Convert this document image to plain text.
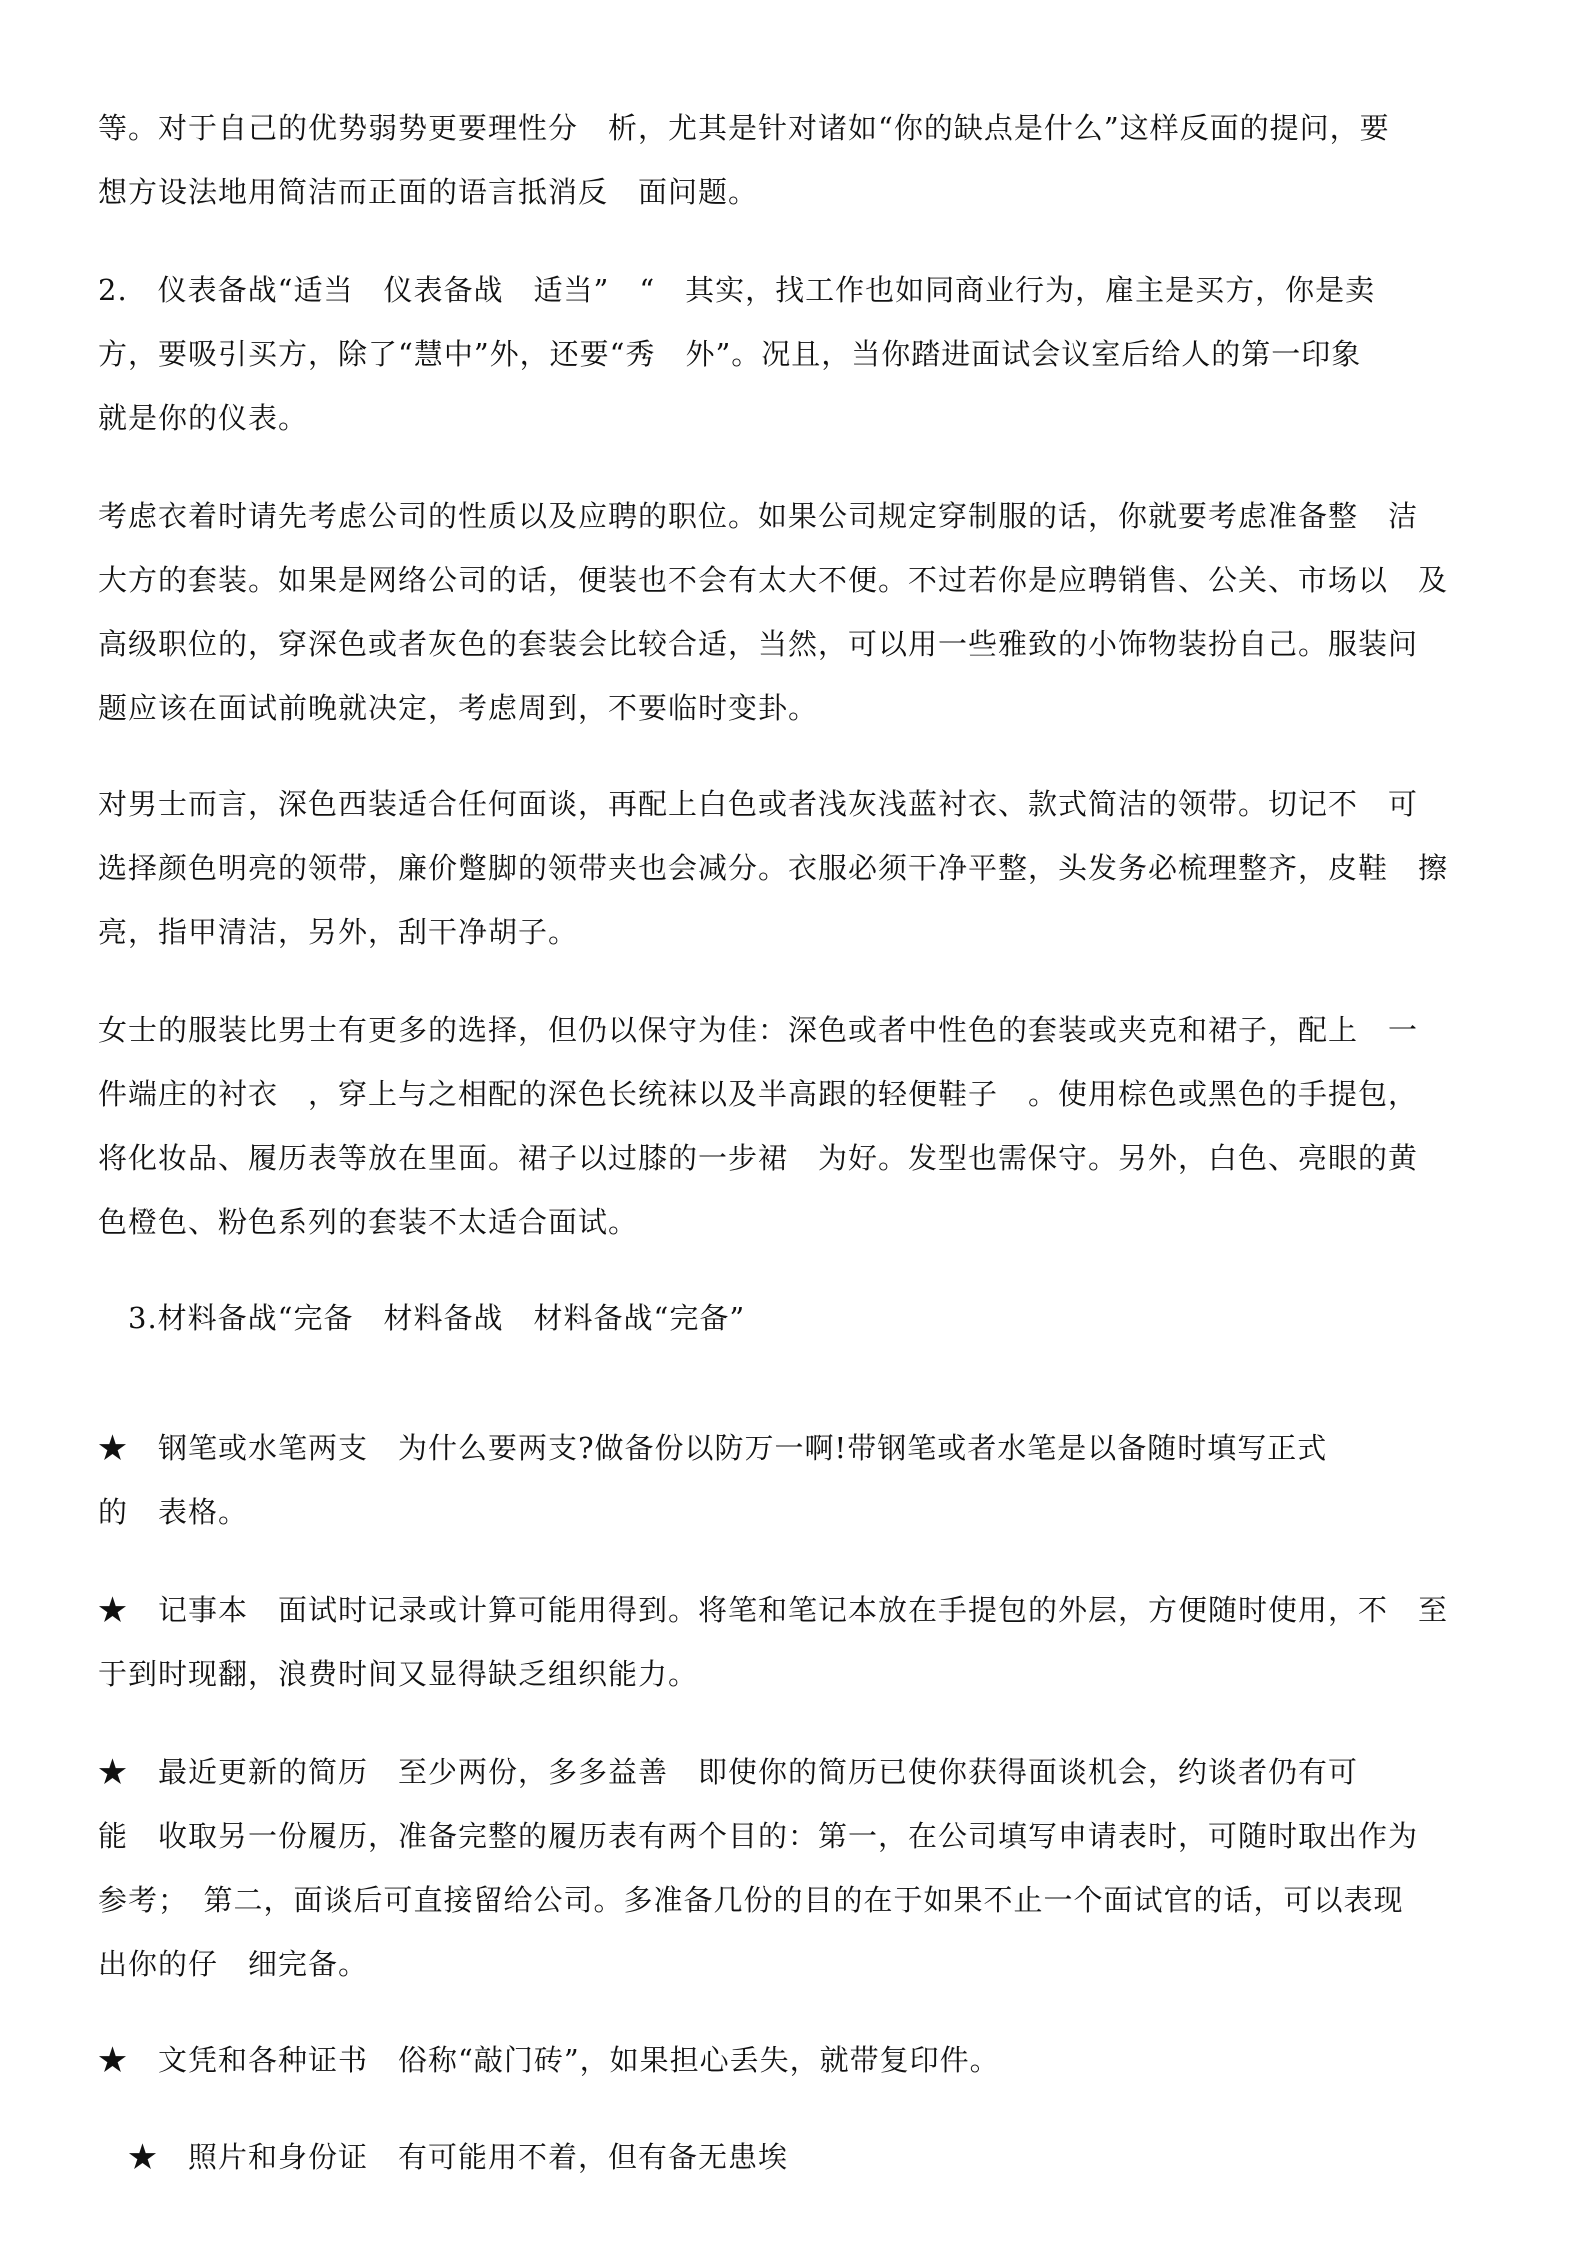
等。对于自己的优势弱势更要理性分　析，尤其是针对诸如“你的缺点是什么”这样反面的提问，要
想方设法地用简洁而正面的语言抵消反　面问题。
2.　仪表备战“适当　仪表备战　适当”　“　其实，找工作也如同商业行为，雇主是买方，你是卖
方，要吸引买方，除了“慧中”外，还要“秀　外”。况且，当你踏进面试会议室后给人的第一印象
就是你的仪表。
考虑衣着时请先考虑公司的性质以及应聘的职位。如果公司规定穿制服的话，你就要考虑准备整　洁
大方的套装。如果是网络公司的话，便装也不会有太大不便。不过若你是应聘销售、公关、市场以　及
高级职位的，穿深色或者灰色的套装会比较合适，当然，可以用一些雅致的小饰物装扮自己。服装问
题应该在面试前晚就决定，考虑周到，不要临时变卦。
对男士而言，深色西装适合任何面谈，再配上白色或者浅灰浅蓝衬衣、款式简洁的领带。切记不　可
选择颜色明亮的领带，廉价蹩脚的领带夹也会减分。衣服必须干净平整，头发务必梳理整齐，皮鞋　擦
亮，指甲清洁，另外，刮干净胡子。
女士的服装比男士有更多的选择，但仍以保守为佳：深色或者中性色的套装或夹克和裙子，配上　一
件端庄的衬衣　，穿上与之相配的深色长统袜以及半高跟的轻便鞋子　。使用棕色或黑色的手提包，
将化妆品、履历表等放在里面。裙子以过膝的一步裙　为好。发型也需保守。另外，白色、亮眼的黄
色橙色、粉色系列的套装不太适合面试。
　3.材料备战“完备　材料备战　材料备战“完备”
★　钢笔或水笔两支　为什么要两支?做备份以防万一啊!带钢笔或者水笔是以备随时填写正式
的　表格。
★　记事本　面试时记录或计算可能用得到。将笔和笔记本放在手提包的外层，方便随时使用，不　至
于到时现翻，浪费时间又显得缺乏组织能力。
★　最近更新的简历　至少两份，多多益善　即使你的简历已使你获得面谈机会，约谈者仍有可
能　收取另一份履历，准备完整的履历表有两个目的：第一，在公司填写申请表时，可随时取出作为
参考；　第二，面谈后可直接留给公司。多准备几份的目的在于如果不止一个面试官的话，可以表现
出你的仔　细完备。
★　文凭和各种证书　俗称“敲门砖”，如果担心丢失，就带复印件。
　★　照片和身份证　有可能用不着，但有备无患埃
